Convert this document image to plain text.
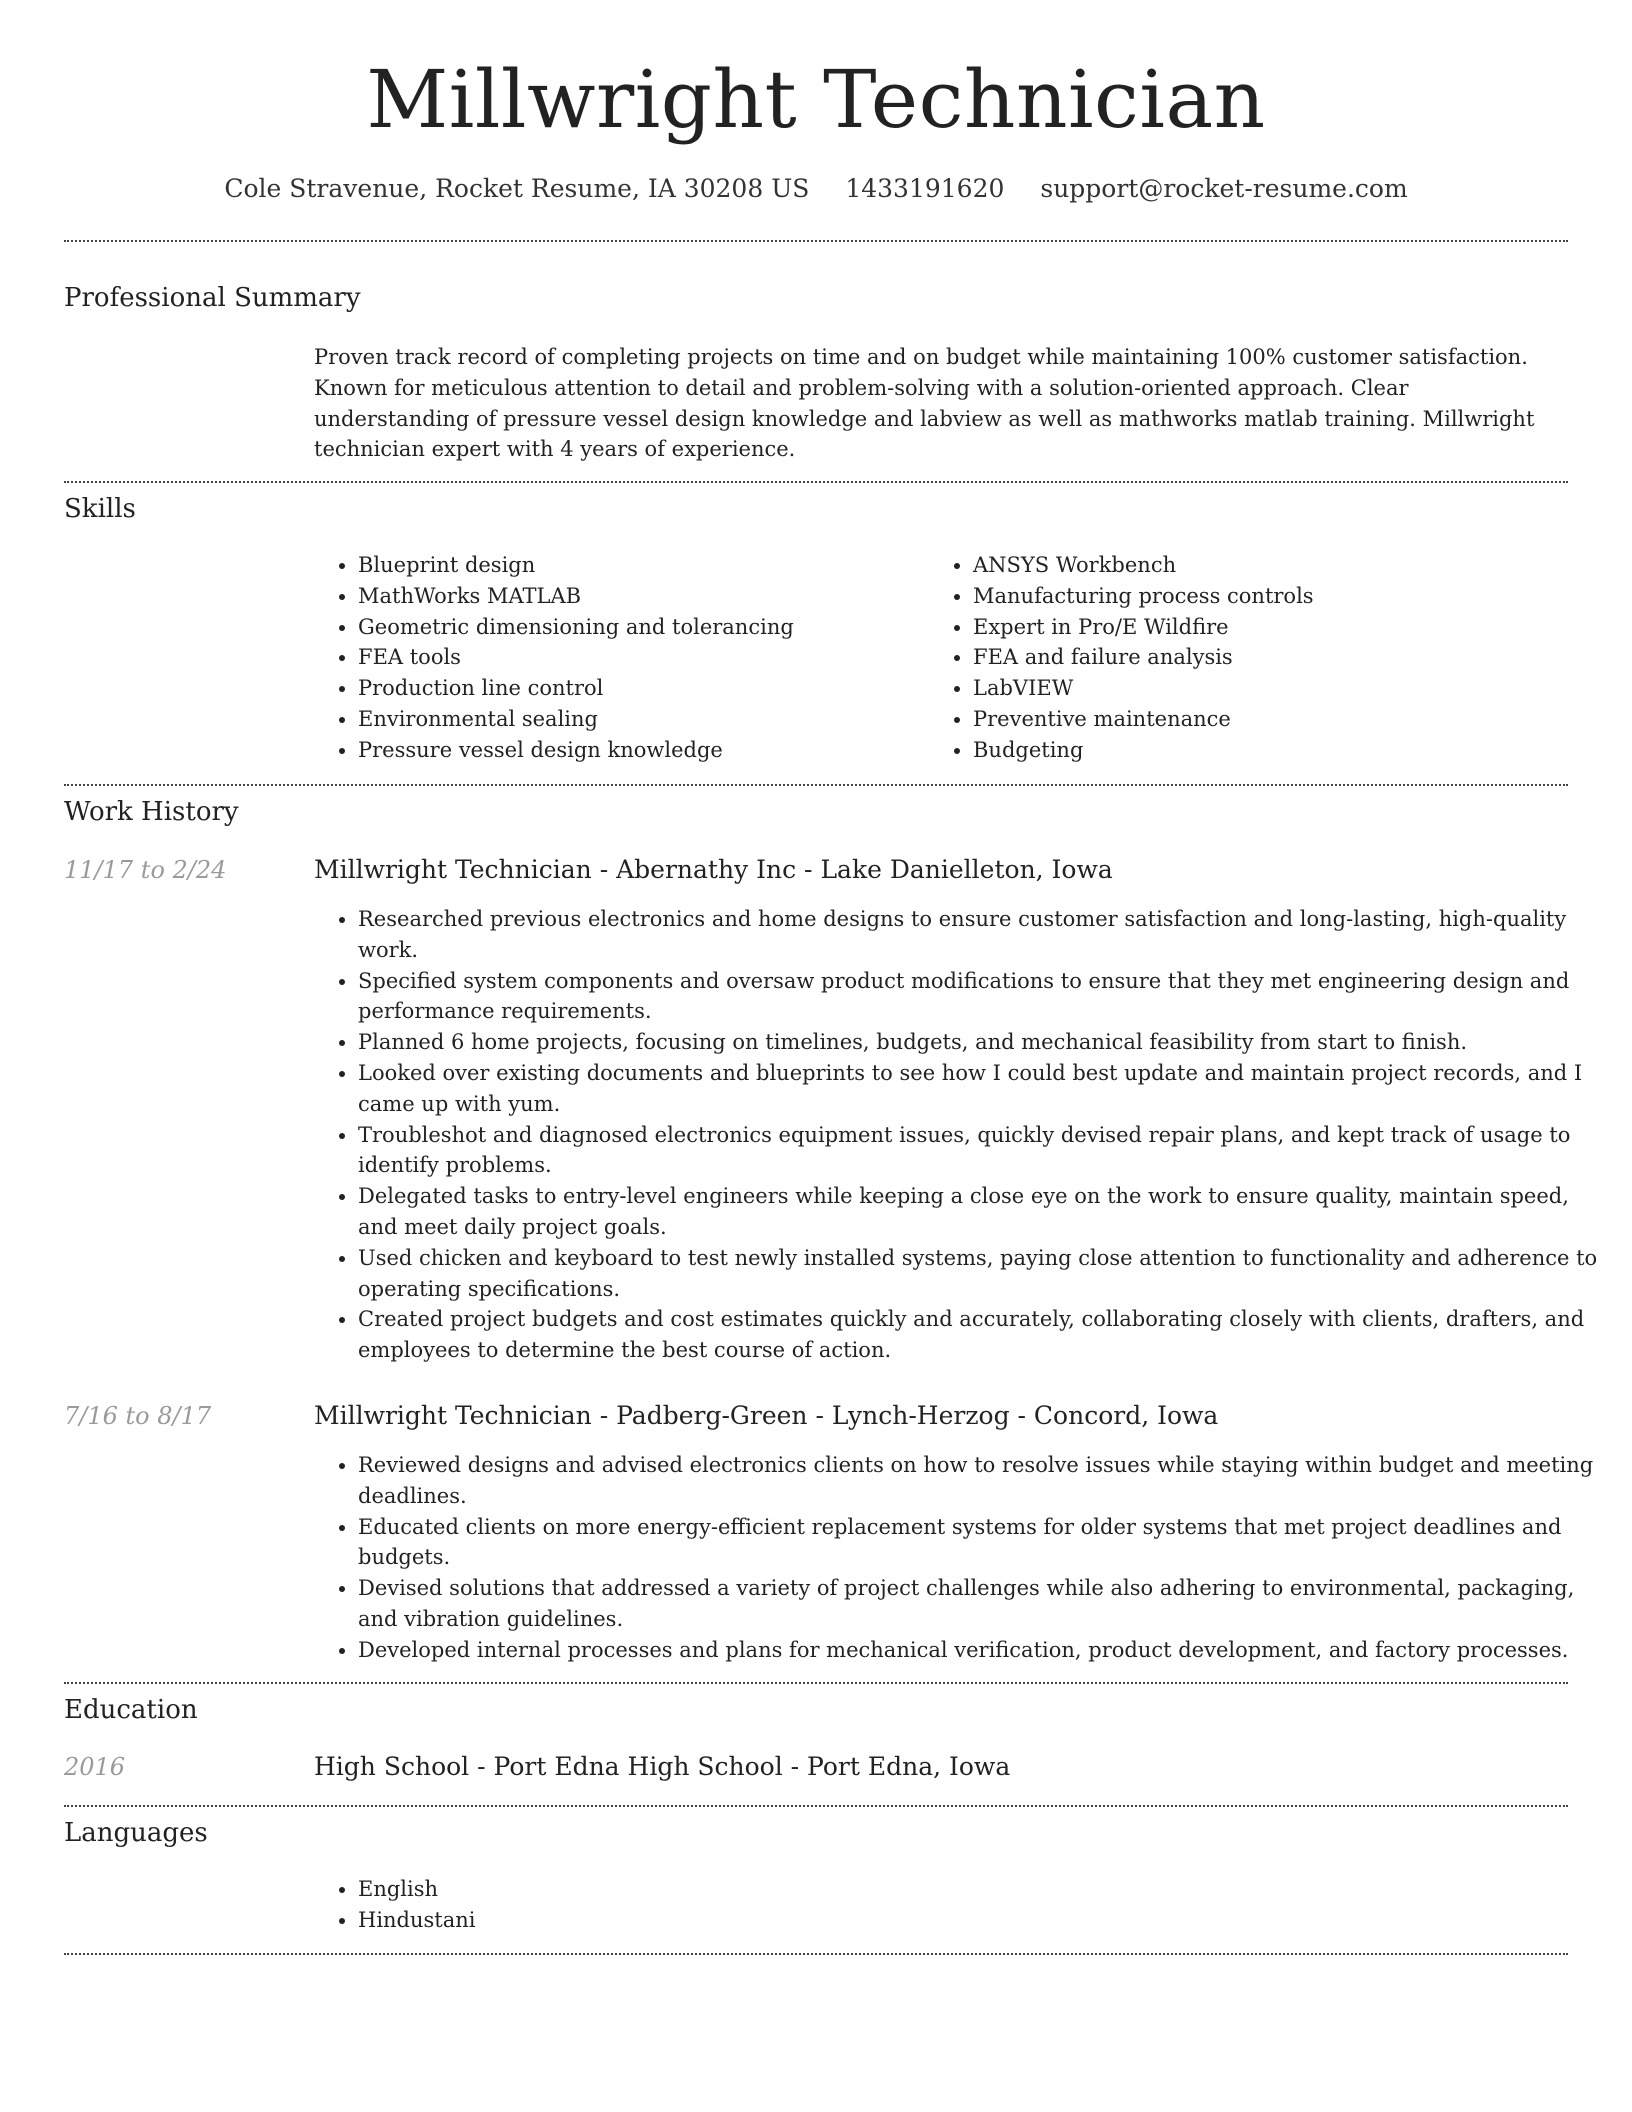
Millwright Technician
Cole Stravenue, Rocket Resume, IA 30208 US 1433191620 support@rocket-resume.com
Professional Summary

Proven track record of completing projects on time and on budget while maintaining 100% customer satisfaction. Known for meticulous attention to detail and problem-solving with a solution-oriented approach. Clear understanding of pressure vessel design knowledge and labview as well as mathworks matlab training. Millwright technician expert with 4 years of experience.

Skills
• Blueprint design
• MathWorks MATLAB
• Geometric dimensioning and tolerancing
• FEA tools
• Production line control
• Environmental sealing
• Pressure vessel design knowledge
• ANSYS Workbench
• Manufacturing process controls
• Expert in Pro/E Wildfire
• FEA and failure analysis
• LabVIEW
• Preventive maintenance
• Budgeting
Work History
11/17 to 2/24	Millwright Technician - Abernathy Inc - Lake Danielleton, Iowa
• Researched previous electronics and home designs to ensure customer satisfaction and long-lasting, high-quality work.
• Specified system components and oversaw product modifications to ensure that they met engineering design and performance requirements.
• Planned 6 home projects, focusing on timelines, budgets, and mechanical feasibility from start to finish.
• Looked over existing documents and blueprints to see how I could best update and maintain project records, and I came up with yum.
• Troubleshot and diagnosed electronics equipment issues, quickly devised repair plans, and kept track of usage to identify problems.
• Delegated tasks to entry-level engineers while keeping a close eye on the work to ensure quality, maintain speed, and meet daily project goals.
• Used chicken and keyboard to test newly installed systems, paying close attention to functionality and adherence to operating specifications.
• Created project budgets and cost estimates quickly and accurately, collaborating closely with clients, drafters, and employees to determine the best course of action.
7/16 to 8/17	Millwright Technician - Padberg-Green - Lynch-Herzog - Concord, Iowa
• Reviewed designs and advised electronics clients on how to resolve issues while staying within budget and meeting deadlines.
• Educated clients on more energy-efficient replacement systems for older systems that met project deadlines and budgets.
• Devised solutions that addressed a variety of project challenges while also adhering to environmental, packaging, and vibration guidelines.
• Developed internal processes and plans for mechanical verification, product development, and factory processes.
Education
2016	High School - Port Edna High School - Port Edna, Iowa
Languages
• English
• Hindustani
